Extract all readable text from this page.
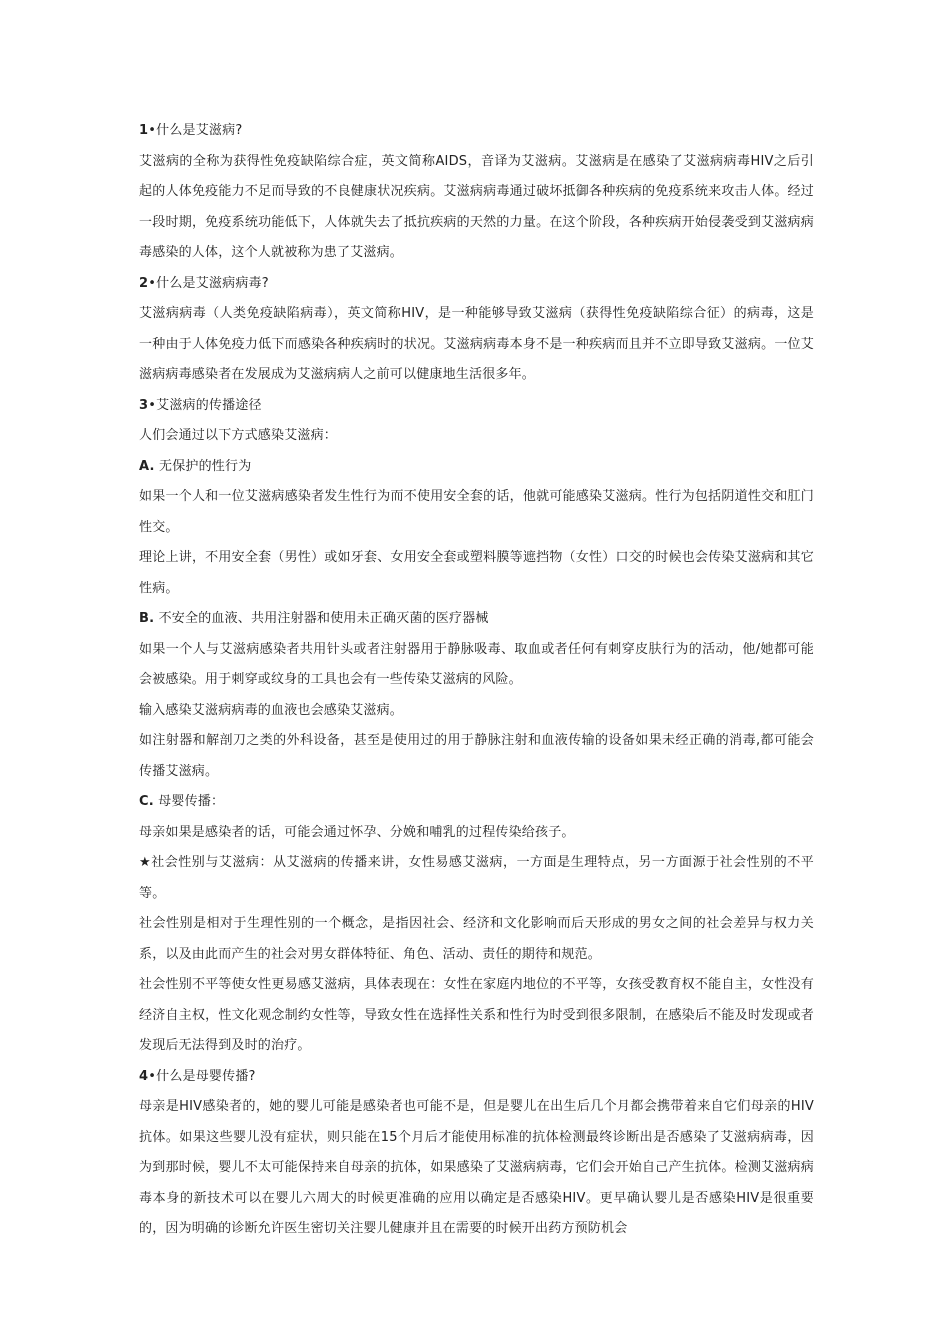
1•什么是艾滋病?

艾滋病的全称为获得性免疫缺陷综合症，英文简称AIDS，音译为艾滋病。艾滋病是在感染了艾滋病病毒HIV之后引起的人体免疫能力不足而导致的不良健康状况疾病。艾滋病病毒通过破坏抵御各种疾病的免疫系统来攻击人体。经过一段时期，免疫系统功能低下，人体就失去了抵抗疾病的天然的力量。在这个阶段，各种疾病开始侵袭受到艾滋病病毒感染的人体，这个人就被称为患了艾滋病。

2•什么是艾滋病病毒?

艾滋病病毒（人类免疫缺陷病毒），英文简称HIV，是一种能够导致艾滋病（获得性免疫缺陷综合征）的病毒，这是一种由于人体免疫力低下而感染各种疾病时的状况。艾滋病病毒本身不是一种疾病而且并不立即导致艾滋病。一位艾滋病病毒感染者在发展成为艾滋病病人之前可以健康地生活很多年。

3•艾滋病的传播途径

人们会通过以下方式感染艾滋病：

A. 无保护的性行为

如果一个人和一位艾滋病感染者发生性行为而不使用安全套的话，他就可能感染艾滋病。性行为包括阴道性交和肛门性交。

理论上讲，不用安全套（男性）或如牙套、女用安全套或塑料膜等遮挡物（女性）口交的时候也会传染艾滋病和其它性病。

B. 不安全的血液、共用注射器和使用未正确灭菌的医疗器械

如果一个人与艾滋病感染者共用针头或者注射器用于静脉吸毒、取血或者任何有刺穿皮肤行为的活动，他/她都可能会被感染。用于刺穿或纹身的工具也会有一些传染艾滋病的风险。

输入感染艾滋病病毒的血液也会感染艾滋病。

如注射器和解剖刀之类的外科设备，甚至是使用过的用于静脉注射和血液传输的设备如果未经正确的消毒,都可能会传播艾滋病。

C. 母婴传播：

母亲如果是感染者的话，可能会通过怀孕、分娩和哺乳的过程传染给孩子。

★社会性别与艾滋病：从艾滋病的传播来讲，女性易感艾滋病，一方面是生理特点，另一方面源于社会性别的不平等。

社会性别是相对于生理性别的一个概念，是指因社会、经济和文化影响而后天形成的男女之间的社会差异与权力关系，以及由此而产生的社会对男女群体特征、角色、活动、责任的期待和规范。

社会性别不平等使女性更易感艾滋病，具体表现在：女性在家庭内地位的不平等，女孩受教育权不能自主，女性没有经济自主权，性文化观念制约女性等，导致女性在选择性关系和性行为时受到很多限制，在感染后不能及时发现或者发现后无法得到及时的治疗。

4•什么是母婴传播?

母亲是HIV感染者的，她的婴儿可能是感染者也可能不是，但是婴儿在出生后几个月都会携带着来自它们母亲的HIV抗体。如果这些婴儿没有症状，则只能在15个月后才能使用标准的抗体检测最终诊断出是否感染了艾滋病病毒，因为到那时候，婴儿不太可能保持来自母亲的抗体，如果感染了艾滋病病毒，它们会开始自己产生抗体。检测艾滋病病毒本身的新技术可以在婴儿六周大的时候更准确的应用以确定是否感染HIV。更早确认婴儿是否感染HIV是很重要的，因为明确的诊断允许医生密切关注婴儿健康并且在需要的时候开出药方预防机会
